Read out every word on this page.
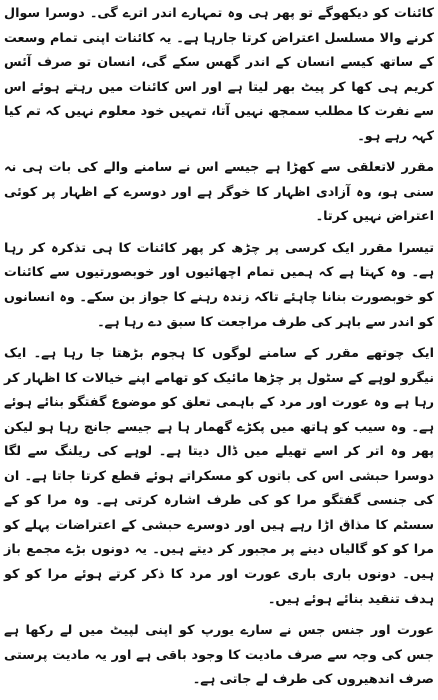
کائنات کو دیکھوگے تو پھر ہی وہ تمہارے اندر اترے گی۔ دوسرا سوال کرنے والا مسلسل اعتراض کرتا جارہا ہے۔ یہ کائنات اپنی تمام وسعت کے ساتھ کیسے انسان کے اندر گھس سکے گی، انسان تو صرف آئس کریم ہی کھا کر پیٹ بھر لیتا ہے اور اس کائنات میں رہتے ہوئے اس سے نفرت کا مطلب سمجھ نہیں آتا، تمہیں خود معلوم نہیں کہ تم کیا کہہ رہے ہو۔

مقرر لاتعلقی سے کھڑا ہے جیسے اس نے سامنے والے کی بات ہی نہ سنی ہو، وہ آزادی اظہار کا خوگر ہے اور دوسرے کے اظہار پر کوئی اعتراض نہیں کرتا۔

تیسرا مقرر ایک کرسی پر چڑھ کر پھر کائنات کا ہی تذکرہ کر رہا ہے۔ وہ کہتا ہے کہ ہمیں تمام اچھائیوں اور خوبصورتیوں سے کائنات کو خوبصورت بنانا چاہئے تاکہ زندہ رہنے کا جواز بن سکے۔ وہ انسانوں کو اندر سے باہر کی طرف مراجعت کا سبق دے رہا ہے۔

ایک چوتھے مقرر کے سامنے لوگوں کا ہجوم بڑھتا جا رہا ہے۔ ایک نیگرو لوہے کے سٹول پر چڑھا مائیک کو تھامے اپنے خیالات کا اظہار کر رہا ہے وہ عورت اور مرد کے باہمی تعلق کو موضوع گفتگو بنائے ہوئے ہے۔ وہ سیب کو ہاتھ میں پکڑے گھمار ہا ہے جیسے جانچ رہا ہو لیکن پھر وہ اتر کر اسے تھیلے میں ڈال دیتا ہے۔ لوہے کی ریلنگ سے لگا دوسرا حبشی اس کی باتوں کو مسکراتے ہوئے قطع کرتا جاتا ہے۔ ان کی جنسی گفتگو مرا کو کی طرف اشارہ کرتی ہے۔ وہ مرا کو کے سسٹم کا مذاق اڑا رہے ہیں اور دوسرے حبشی کے اعتراضات پہلے کو مرا کو کو گالیاں دینے پر مجبور کر دیتے ہیں۔ یہ دونوں بڑے مجمع باز ہیں۔ دونوں باری باری عورت اور مرد کا ذکر کرتے ہوئے مرا کو کو ہدف تنقید بنائے ہوئے ہیں۔

عورت اور جنس جس نے سارے یورپ کو اپنی لپیٹ میں لے رکھا ہے جس کی وجہ سے صرف مادیت کا وجود باقی ہے اور یہ مادیت پرستی صرف اندھیروں کی طرف لے جاتی ہے۔
